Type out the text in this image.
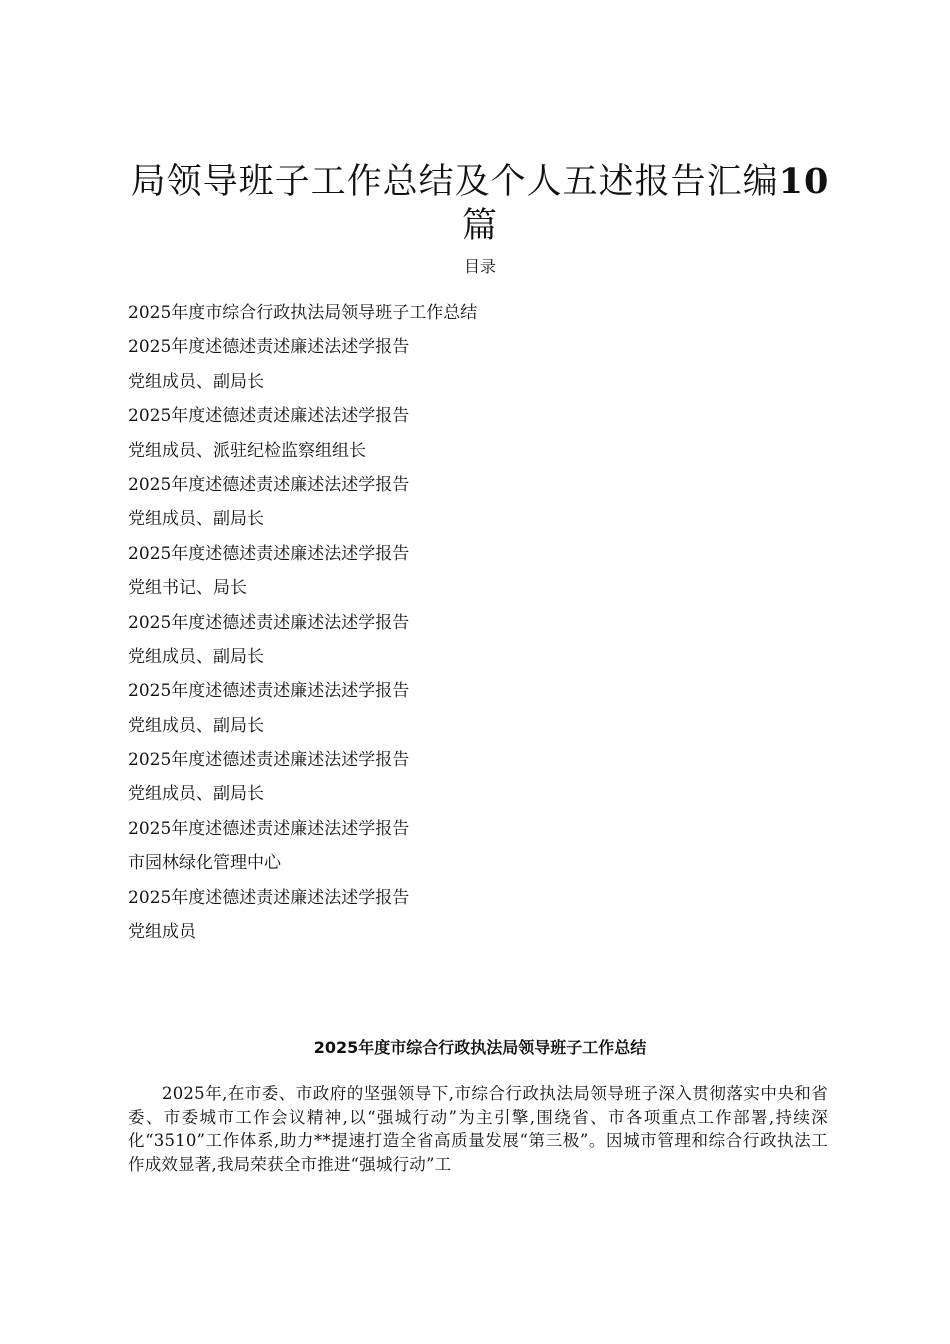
局领导班子工作总结及个人五述报告汇编10
篇
目录
2025年度市综合行政执法局领导班子工作总结
2025年度述德述责述廉述法述学报告
党组成员、副局长
2025年度述德述责述廉述法述学报告
党组成员、派驻纪检监察组组长
2025年度述德述责述廉述法述学报告
党组成员、副局长
2025年度述德述责述廉述法述学报告
党组书记、局长
2025年度述德述责述廉述法述学报告
党组成员、副局长
2025年度述德述责述廉述法述学报告
党组成员、副局长
2025年度述德述责述廉述法述学报告
党组成员、副局长
2025年度述德述责述廉述法述学报告
市园林绿化管理中心
2025年度述德述责述廉述法述学报告
党组成员
2025年度市综合行政执法局领导班子工作总结

2025年,在市委、市政府的坚强领导下,市综合行政执法局领导班子深入贯彻落实中央和省委、市委城市工作会议精神,以“强城行动”为主引擎,围绕省、市各项重点工作部署,持续深化“3510”工作体系,助力**提速打造全省高质量发展“第三极”。因城市管理和综合行政执法工作成效显著,我局荣获全市推进“强城行动”工
